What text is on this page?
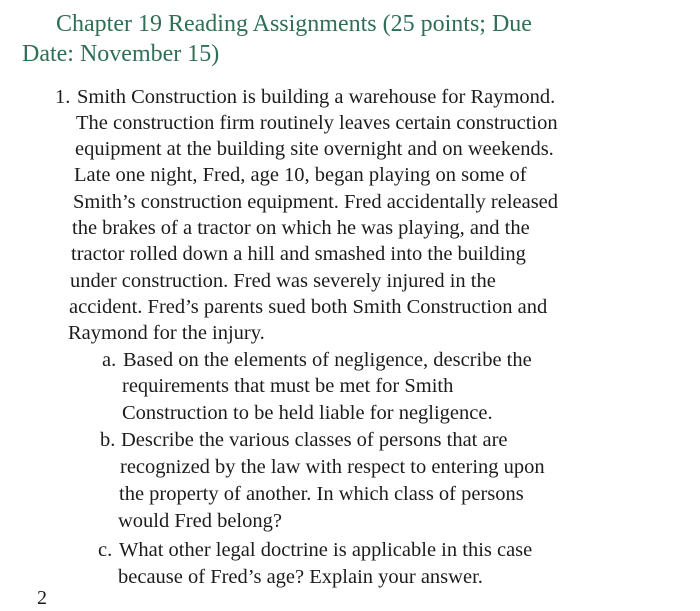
Chapter 19 Reading Assignments (25 points; Due
Date: November 15)
1. Smith Construction is building a warehouse for Raymond.
The construction firm routinely leaves certain construction
equipment at the building site overnight and on weekends.
Late one night, Fred, age 10, began playing on some of
Smith’s construction equipment. Fred accidentally released
the brakes of a tractor on which he was playing, and the
tractor rolled down a hill and smashed into the building
under construction. Fred was severely injured in the
accident. Fred’s parents sued both Smith Construction and
Raymond for the injury.
a. Based on the elements of negligence, describe the
requirements that must be met for Smith
Construction to be held liable for negligence.
b. Describe the various classes of persons that are
recognized by the law with respect to entering upon
the property of another. In which class of persons
would Fred belong?
c. What other legal doctrine is applicable in this case
because of Fred’s age? Explain your answer.
2
